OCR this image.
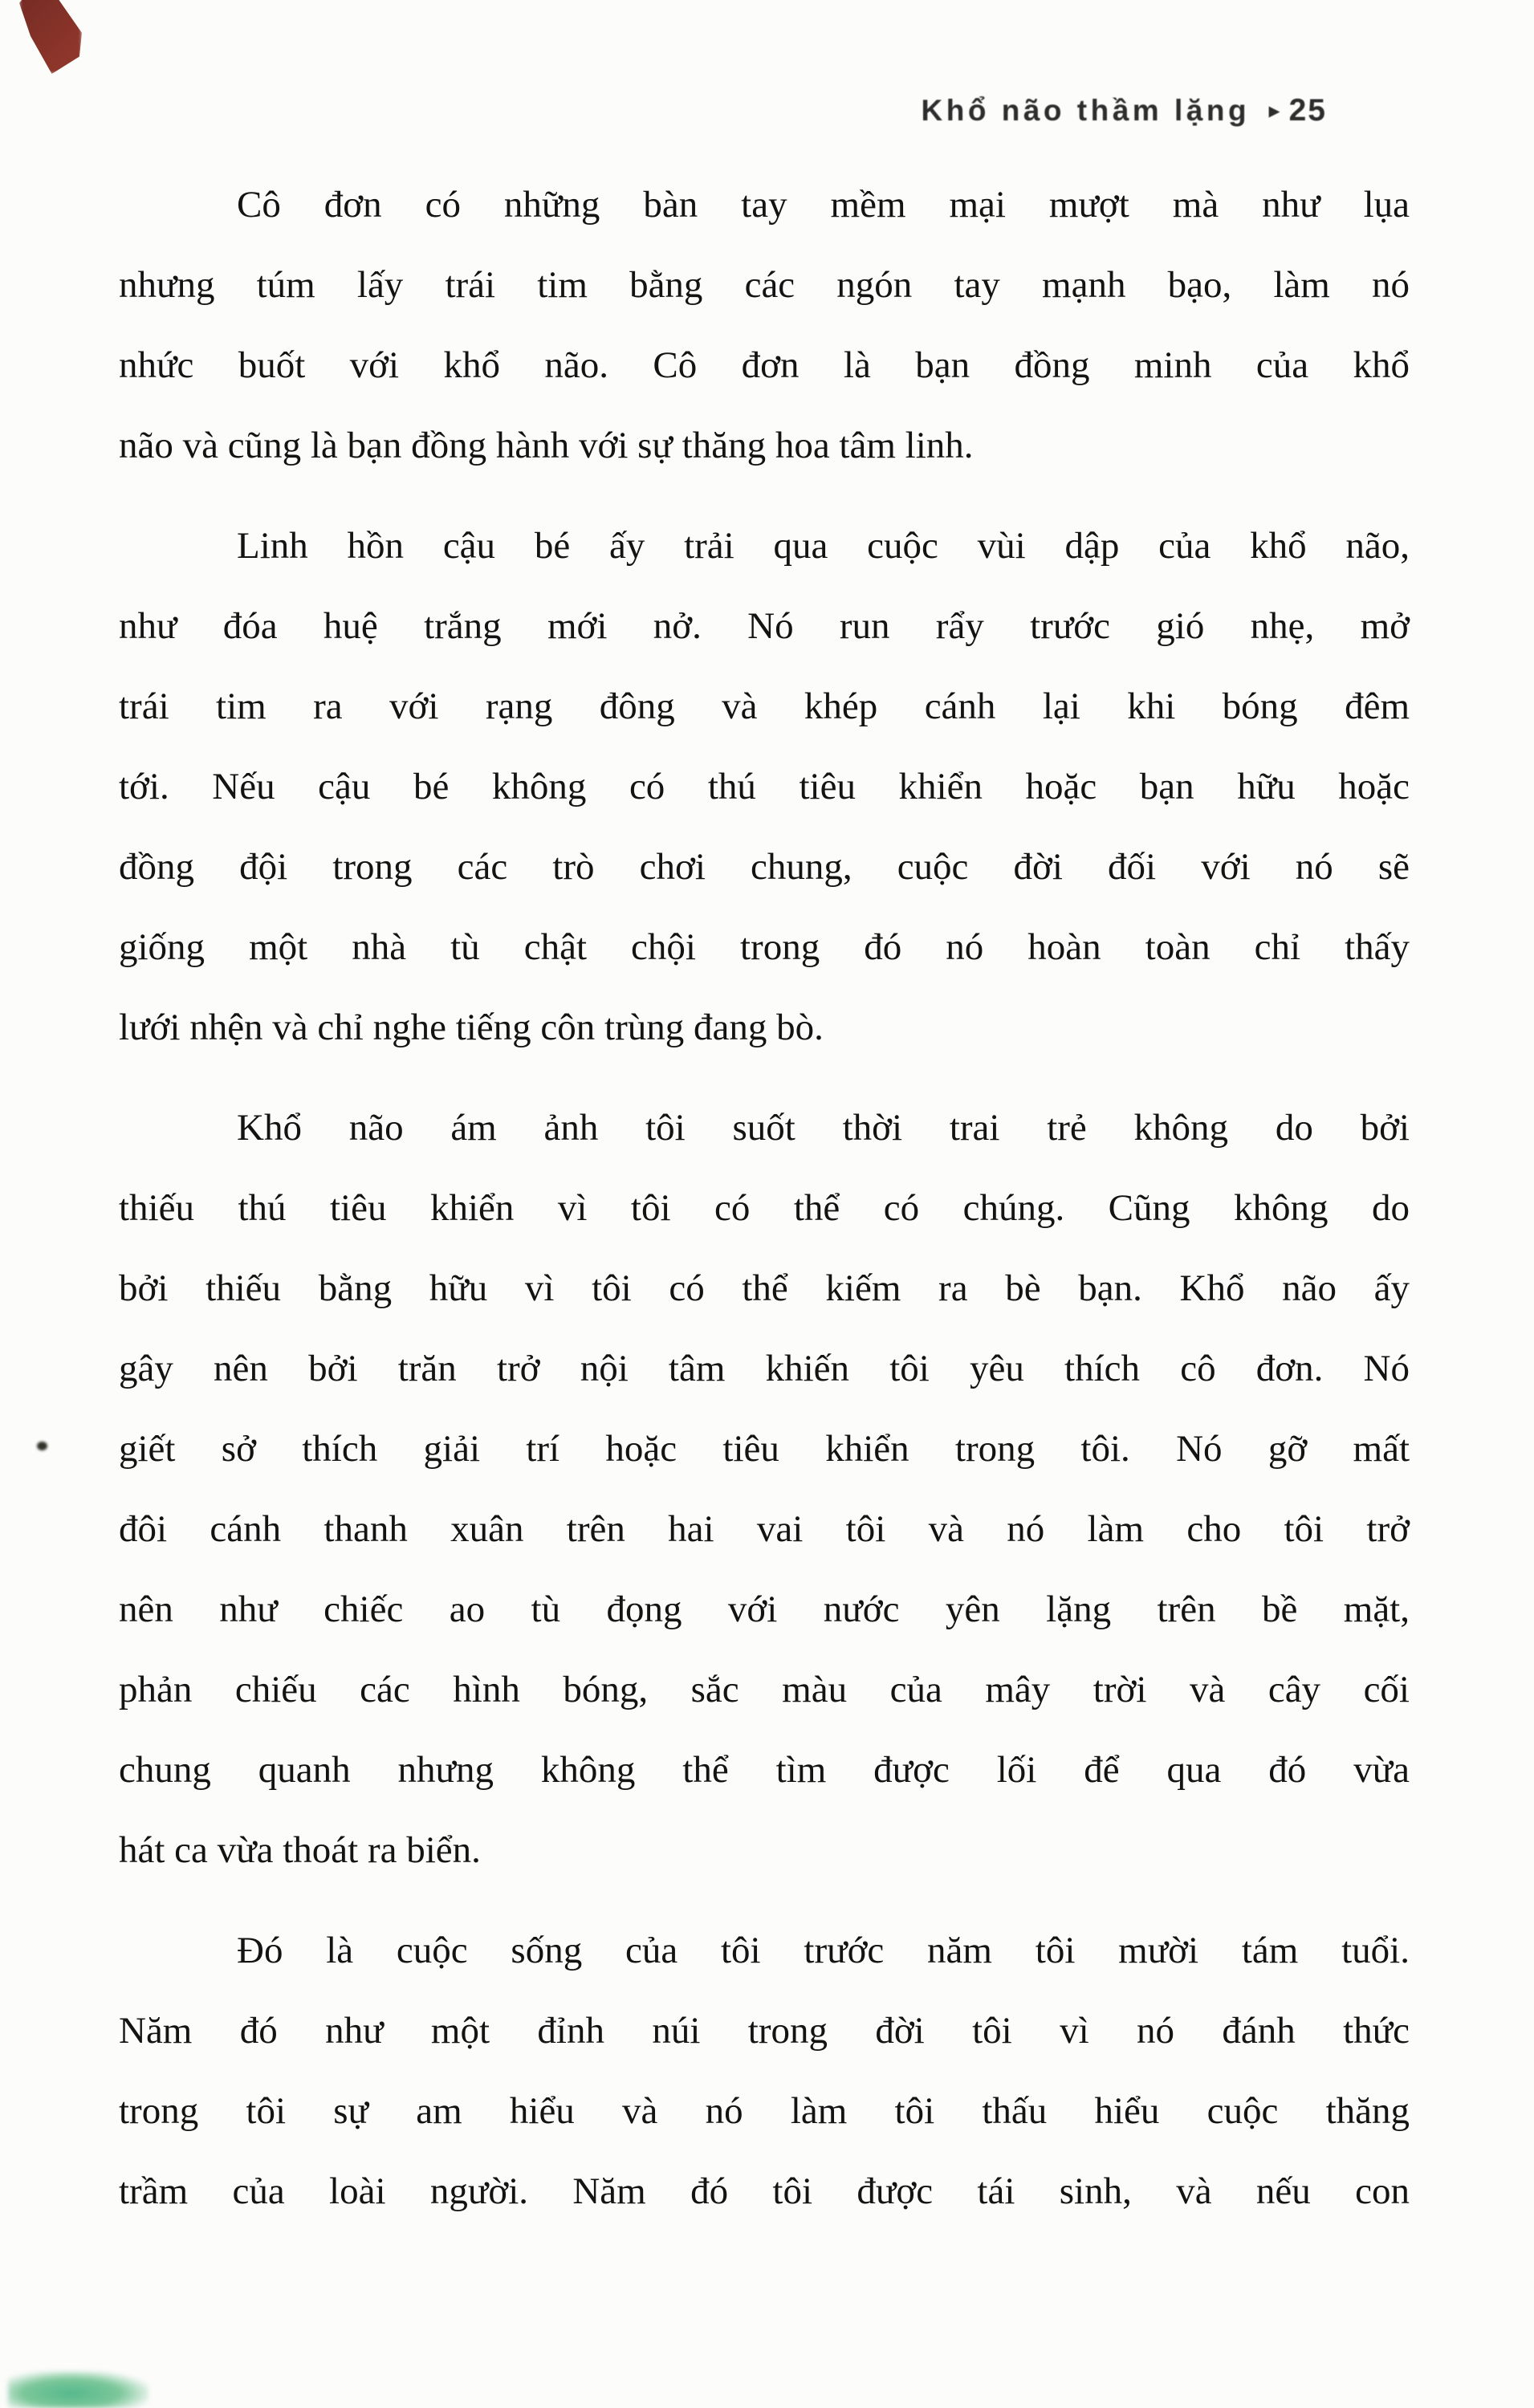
Khổ não thầm lặng ▸ 25
Cô đơn có những bàn tay mềm mại mượt mà như lụa
nhưng túm lấy trái tim bằng các ngón tay mạnh bạo, làm nó
nhức buốt với khổ não. Cô đơn là bạn đồng minh của khổ
não và cũng là bạn đồng hành với sự thăng hoa tâm linh.
Linh hồn cậu bé ấy trải qua cuộc vùi dập của khổ não,
như đóa huệ trắng mới nở. Nó run rẩy trước gió nhẹ, mở
trái tim ra với rạng đông và khép cánh lại khi bóng đêm
tới. Nếu cậu bé không có thú tiêu khiển hoặc bạn hữu hoặc
đồng đội trong các trò chơi chung, cuộc đời đối với nó sẽ
giống một nhà tù chật chội trong đó nó hoàn toàn chỉ thấy
lưới nhện và chỉ nghe tiếng côn trùng đang bò.
Khổ não ám ảnh tôi suốt thời trai trẻ không do bởi
thiếu thú tiêu khiển vì tôi có thể có chúng. Cũng không do
bởi thiếu bằng hữu vì tôi có thể kiếm ra bè bạn. Khổ não ấy
gây nên bởi trăn trở nội tâm khiến tôi yêu thích cô đơn. Nó
giết sở thích giải trí hoặc tiêu khiển trong tôi. Nó gỡ mất
đôi cánh thanh xuân trên hai vai tôi và nó làm cho tôi trở
nên như chiếc ao tù đọng với nước yên lặng trên bề mặt,
phản chiếu các hình bóng, sắc màu của mây trời và cây cối
chung quanh nhưng không thể tìm được lối để qua đó vừa
hát ca vừa thoát ra biển.
Đó là cuộc sống của tôi trước năm tôi mười tám tuổi.
Năm đó như một đỉnh núi trong đời tôi vì nó đánh thức
trong tôi sự am hiểu và nó làm tôi thấu hiểu cuộc thăng
trầm của loài người. Năm đó tôi được tái sinh, và nếu con
